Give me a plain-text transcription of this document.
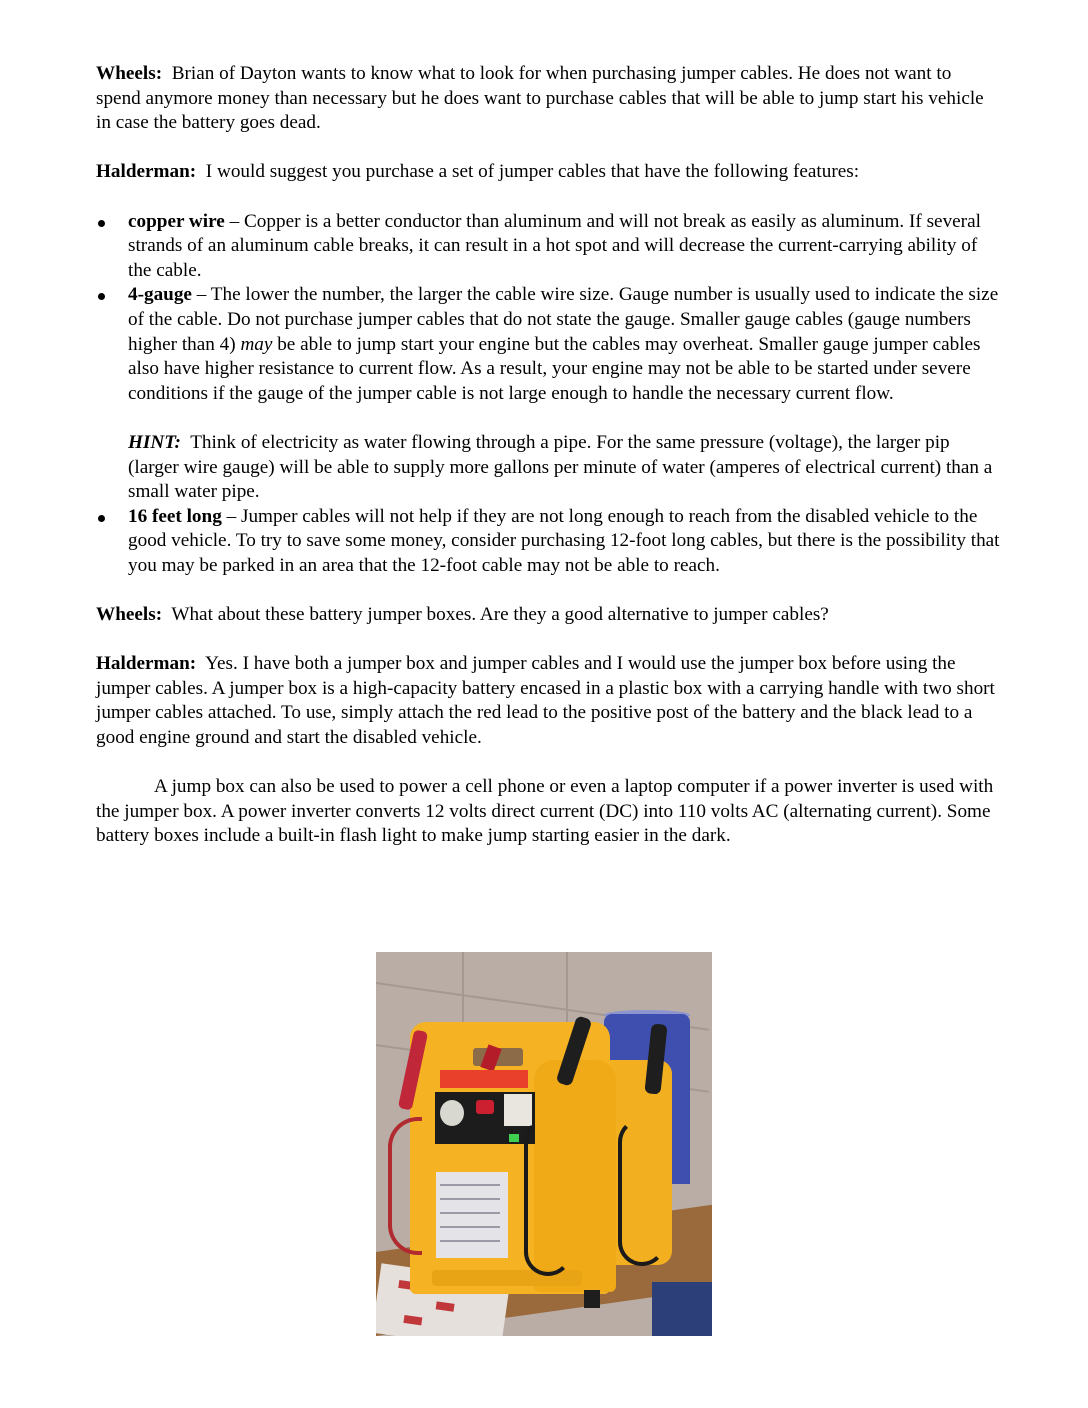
Wheels: Brian of Dayton wants to know what to look for when purchasing jumper cables. He does not want to spend anymore money than necessary but he does want to purchase cables that will be able to jump start his vehicle in case the battery goes dead.

Halderman: I would suggest you purchase a set of jumper cables that have the following features:

copper wire – Copper is a better conductor than aluminum and will not break as easily as aluminum. If several strands of an aluminum cable breaks, it can result in a hot spot and will decrease the current-carrying ability of the cable.
4-gauge – The lower the number, the larger the cable wire size. Gauge number is usually used to indicate the size of the cable. Do not purchase jumper cables that do not state the gauge. Smaller gauge cables (gauge numbers higher than 4) may be able to jump start your engine but the cables may overheat. Smaller gauge jumper cables also have higher resistance to current flow. As a result, your engine may not be able to be started under severe conditions if the gauge of the jumper cable is not large enough to handle the necessary current flow.

HINT: Think of electricity as water flowing through a pipe. For the same pressure (voltage), the larger pip (larger wire gauge) will be able to supply more gallons per minute of water (amperes of electrical current) than a small water pipe.

16 feet long – Jumper cables will not help if they are not long enough to reach from the disabled vehicle to the good vehicle. To try to save some money, consider purchasing 12-foot long cables, but there is the possibility that you may be parked in an area that the 12-foot cable may not be able to reach.

Wheels: What about these battery jumper boxes. Are they a good alternative to jumper cables?

Halderman: Yes. I have both a jumper box and jumper cables and I would use the jumper box before using the jumper cables. A jumper box is a high-capacity battery encased in a plastic box with a carrying handle with two short jumper cables attached. To use, simply attach the red lead to the positive post of the battery and the black lead to a good engine ground and start the disabled vehicle.

A jump box can also be used to power a cell phone or even a laptop computer if a power inverter is used with the jumper box. A power inverter converts 12 volts direct current (DC) into 110 volts AC (alternating current). Some battery boxes include a built-in flash light to make jump starting easier in the dark.
